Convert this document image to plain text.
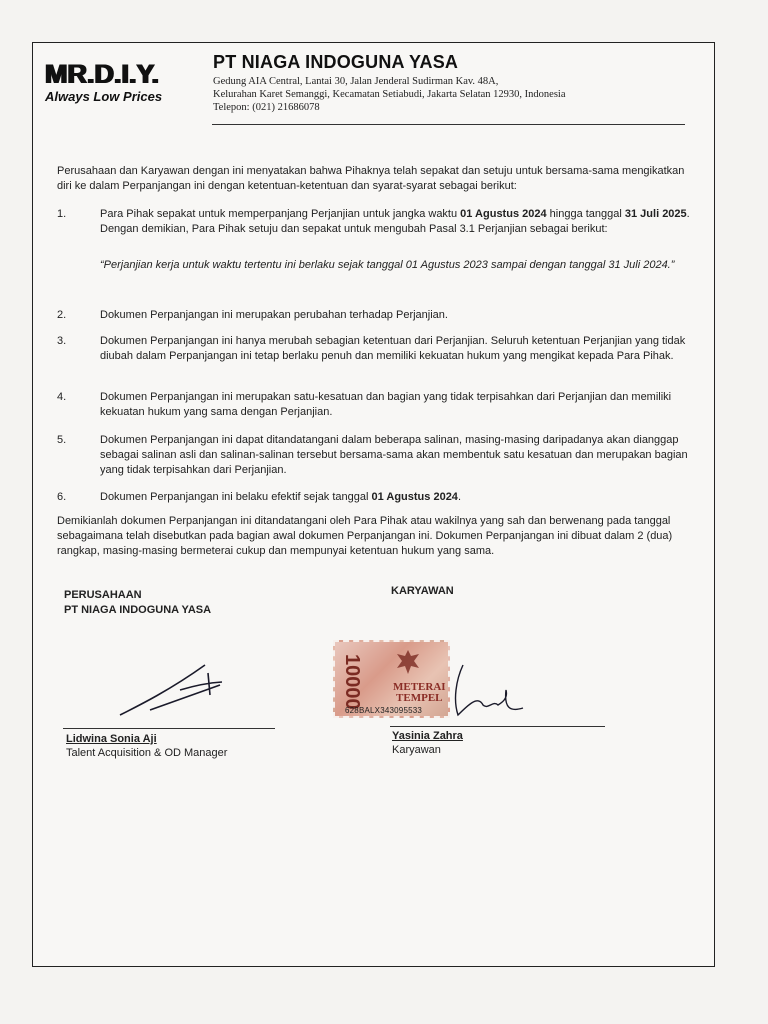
MR.D.I.Y.
Always Low Prices
PT NIAGA INDOGUNA YASA
Gedung AIA Central, Lantai 30, Jalan Jenderal Sudirman Kav. 48A,
Kelurahan Karet Semanggi, Kecamatan Setiabudi, Jakarta Selatan 12930, Indonesia
Telepon: (021) 21686078
Perusahaan dan Karyawan dengan ini menyatakan bahwa Pihaknya telah sepakat dan setuju untuk bersama-sama mengikatkan diri ke dalam Perpanjangan ini dengan ketentuan-ketentuan dan syarat-syarat sebagai berikut:
1.	Para Pihak sepakat untuk memperpanjang Perjanjian untuk jangka waktu 01 Agustus 2024 hingga tanggal 31 Juli 2025. Dengan demikian, Para Pihak setuju dan sepakat untuk mengubah Pasal 3.1 Perjanjian sebagai berikut:
“Perjanjian kerja untuk waktu tertentu ini berlaku sejak tanggal 01 Agustus 2023 sampai dengan tanggal 31 Juli 2024.”
2.	Dokumen Perpanjangan ini merupakan perubahan terhadap Perjanjian.
3.	Dokumen Perpanjangan ini hanya merubah sebagian ketentuan dari Perjanjian. Seluruh ketentuan Perjanjian yang tidak diubah dalam Perpanjangan ini tetap berlaku penuh dan memiliki kekuatan hukum yang mengikat kepada Para Pihak.
4.	Dokumen Perpanjangan ini merupakan satu-kesatuan dan bagian yang tidak terpisahkan dari Perjanjian dan memiliki kekuatan hukum yang sama dengan Perjanjian.
5.	Dokumen Perpanjangan ini dapat ditandatangani dalam beberapa salinan, masing-masing daripadanya akan dianggap sebagai salinan asli dan salinan-salinan tersebut bersama-sama akan membentuk satu kesatuan dan merupakan bagian yang tidak terpisahkan dari Perjanjian.
6.	Dokumen Perpanjangan ini belaku efektif sejak tanggal 01 Agustus 2024.
Demikianlah dokumen Perpanjangan ini ditandatangani oleh Para Pihak atau wakilnya yang sah dan berwenang pada tanggal sebagaimana telah disebutkan pada bagian awal dokumen Perpanjangan ini. Dokumen Perpanjangan ini dibuat dalam 2 (dua) rangkap, masing-masing bermeterai cukup dan mempunyai ketentuan hukum yang sama.
PERUSAHAAN
PT NIAGA INDOGUNA YASA
KARYAWAN
Lidwina Sonia Aji
Talent Acquisition & OD Manager
10000	METERAI
TEMPEL
628BALX343095533
Yasinia Zahra
Karyawan
